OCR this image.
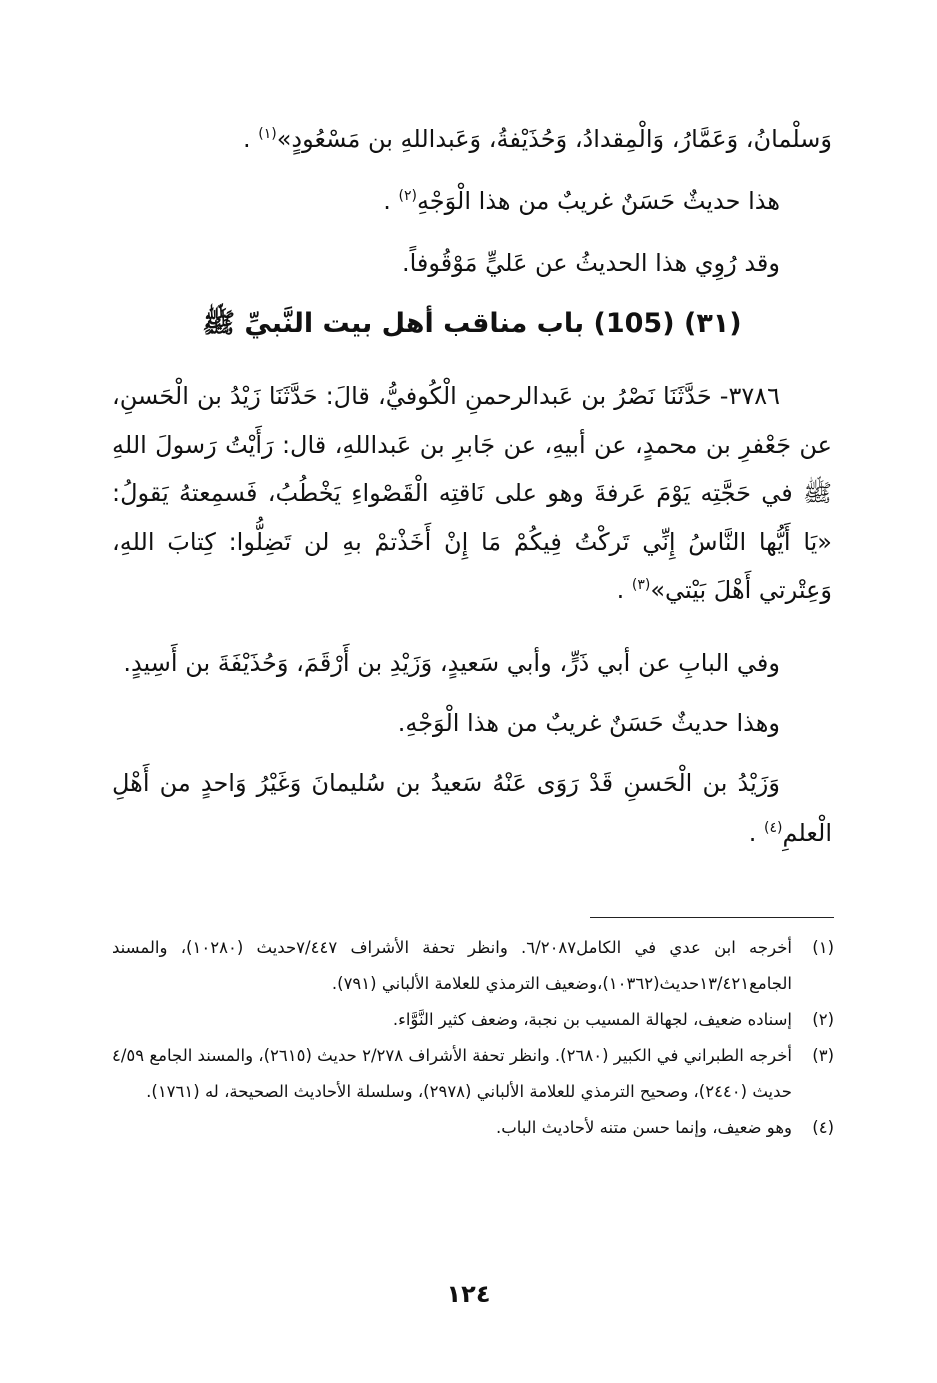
وَسلْمانُ، وَعَمَّارُ، وَالْمِقدادُ، وَحُذَيْفةُ، وَعَبداللهِ بن مَسْعُودٍ»$^{(١)}$ .

هذا حديثٌ حَسَنٌ غريبٌ من هذا الْوَجْهِ$^{(٢)}$ .

وقد رُوِي هذا الحديثُ عن عَليٍّ مَوْقُوفاً.

(٣١) (105) باب مناقب أهل بيت النَّبيِّ ﷺ

٣٧٨٦- حَدَّثَنَا نَصْرُ بن عَبدالرحمنِ الْكُوفيُّ، قالَ: حَدَّثَنَا زَيْدُ بن الْحَسنِ، عن جَعْفرِ بن محمدٍ، عن أبيهِ، عن جَابرِ بن عَبداللهِ، قال: رَأَيْتُ رَسولَ اللهِ ﷺ في حَجَّتِه يَوْمَ عَرفةَ وهو على نَاقتِه الْقَصْواءِ يَخْطُبُ، فَسمِعتهُ يَقولُ: «يَا أَيُّها النَّاسُ إِنِّي تَركْتُ فِيكُمْ مَا إِنْ أَخَذْتمْ بهِ لن تَضِلُّوا: كِتابَ اللهِ، وَعِتْرتي أَهْلَ بَيْتي»$^{(٣)}$ .

وفي البابِ عن أبي ذَرٍّ، وأبي سَعيدٍ، وَزَيْدِ بن أَرْقَمَ، وَحُذَيْفَةَ بن أَسِيدٍ.

وهذا حديثٌ حَسَنٌ غريبٌ من هذا الْوَجْهِ.

وَزَيْدُ بن الْحَسنِ قَدْ رَوَى عَنْهُ سَعيدُ بن سُليمانَ وَغَيْرُ وَاحدٍ من أَهْلِ الْعلمِ$^{(٤)}$ .

(١)
أخرجه ابن عدي في الكامل٦/٢٠٨٧. وانظر تحفة الأشراف ٧/٤٤٧حديث (١٠٢٨٠)، والمسند الجامع١٣/٤٢١حديث(١٠٣٦٢)،وضعيف الترمذي للعلامة الألباني (٧٩١).
(٢)
إسناده ضعيف، لجهالة المسيب بن نجبة، وضعف كثير النَّوَّاء.
(٣)
أخرجه الطبراني في الكبير (٢٦٨٠). وانظر تحفة الأشراف ٢/٢٧٨ حديث (٢٦١٥)، والمسند الجامع ٤/٥٩ حديث (٢٤٤٠)، وصحيح الترمذي للعلامة الألباني (٢٩٧٨)، وسلسلة الأحاديث الصحيحة، له (١٧٦١).
(٤)
وهو ضعيف، وإنما حسن متنه لأحاديث الباب.
١٢٤
